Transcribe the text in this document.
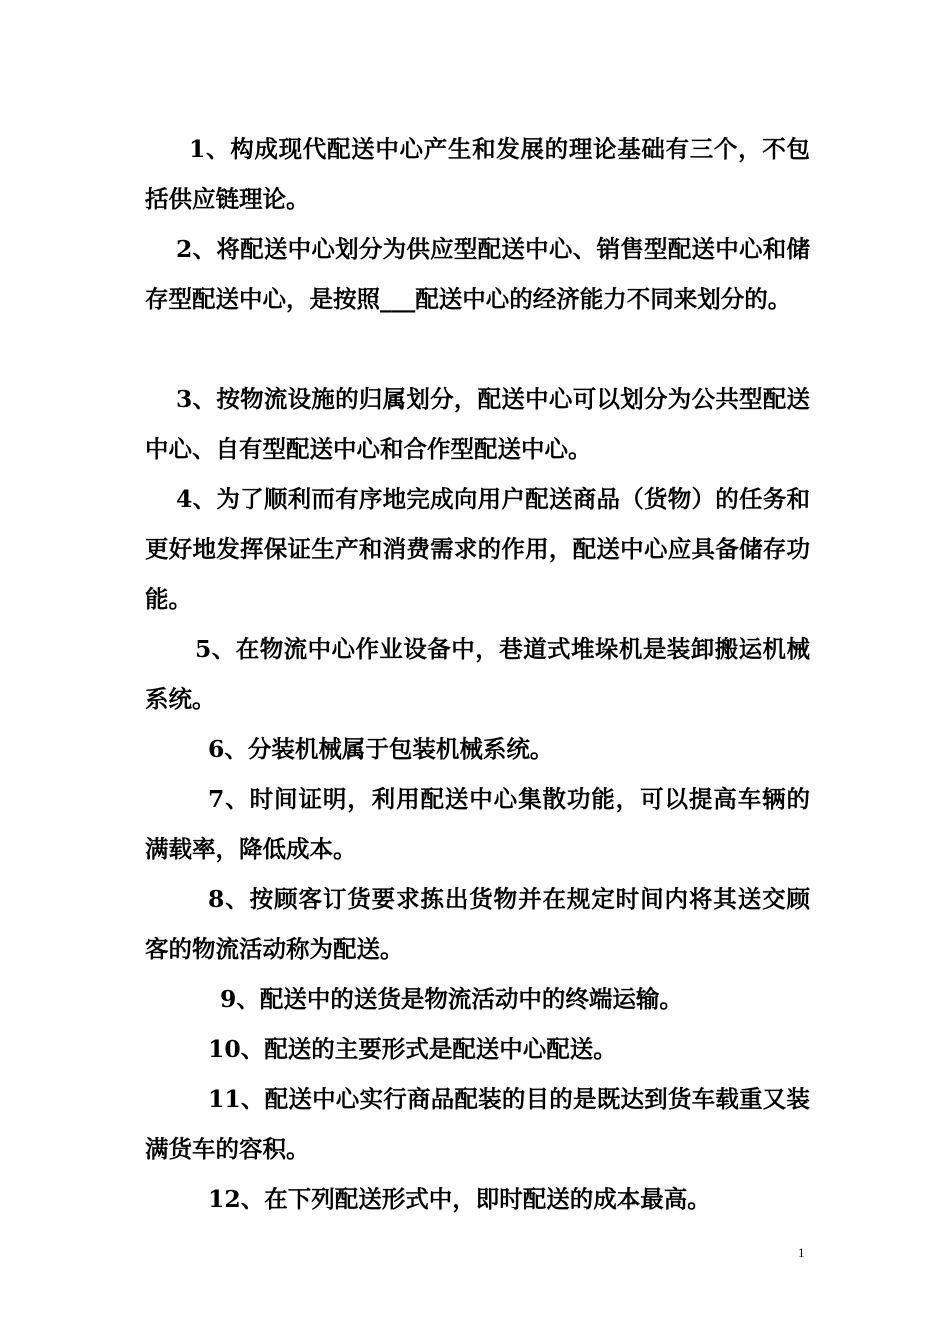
1、构成现代配送中心产生和发展的理论基础有三个，不包括供应链理论。

2、将配送中心划分为供应型配送中心、销售型配送中心和储存型配送中心，是按照___配送中心的经济能力不同来划分的。

3、按物流设施的归属划分，配送中心可以划分为公共型配送中心、自有型配送中心和合作型配送中心。

4、为了顺利而有序地完成向用户配送商品（货物）的任务和更好地发挥保证生产和消费需求的作用，配送中心应具备储存功能。

5、在物流中心作业设备中，巷道式堆垛机是装卸搬运机械系统。

6、分装机械属于包装机械系统。

7、时间证明，利用配送中心集散功能，可以提高车辆的满载率，降低成本。

8、按顾客订货要求拣出货物并在规定时间内将其送交顾客的物流活动称为配送。

9、配送中的送货是物流活动中的终端运输。

10、配送的主要形式是配送中心配送。

11、配送中心实行商品配装的目的是既达到货车载重又装满货车的容积。

12、在下列配送形式中，即时配送的成本最高。

1
